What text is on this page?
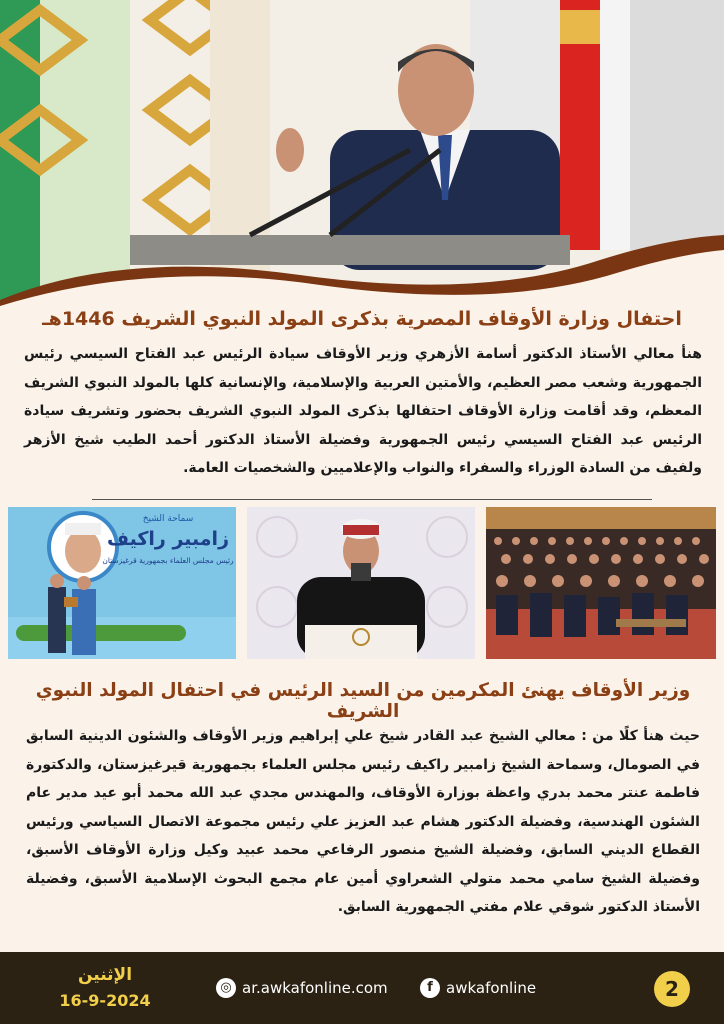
احتفال وزارة الأوقاف المصرية بذكرى المولد النبوي الشريف 1446هـ
هنأ معالي الأستاذ الدكتور أسامة الأزهري وزير الأوقاف سيادة الرئيس عبد الفتاح السيسي رئيس الجمهورية وشعب مصر العظيم، والأمتين العربية والإسلامية، والإنسانية كلها بالمولد النبوي الشريف المعظم، وقد أقامت وزارة الأوقاف احتفالها بذكرى المولد النبوي الشريف بحضور وتشريف سيادة الرئيس عبد الفتاح السيسي رئيس الجمهورية وفضيلة الأستاذ الدكتور أحمد الطيب شيخ الأزهر ولفيف من السادة الوزراء والسفراء والنواب والإعلاميين والشخصيات العامة.
سماحة الشيخ
زامبير راكيف
رئيس مجلس العلماء بجمهورية قرغيزستان
وزير الأوقاف يهنئ المكرمين من السيد الرئيس في احتفال المولد النبوي الشريف
حيث هنأ كلًا من : معالي الشيخ عبد القادر شيخ علي إبراهيم وزير الأوقاف والشئون الدينية السابق في الصومال، وسماحة الشيخ زامبير راكيف رئيس مجلس العلماء بجمهورية قيرغيزستان، والدكتورة فاطمة عنتر محمد بدري واعظة بوزارة الأوقاف، والمهندس مجدي عبد الله محمد أبو عيد مدير عام الشئون الهندسية، وفضيلة الدكتور هشام عبد العزيز علي رئيس مجموعة الاتصال السياسي ورئيس القطاع الديني السابق، وفضيلة الشيخ منصور الرفاعي محمد عبيد وكيل وزارة الأوقاف الأسبق، وفضيلة الشيخ سامي محمد متولي الشعراوي أمين عام مجمع البحوث الإسلامية الأسبق، وفضيلة الأستاذ الدكتور شوقي علام مفتي الجمهورية السابق.
2
f awkafonline
◎ ar.awkafonline.com
الإثنين
16-9-2024
